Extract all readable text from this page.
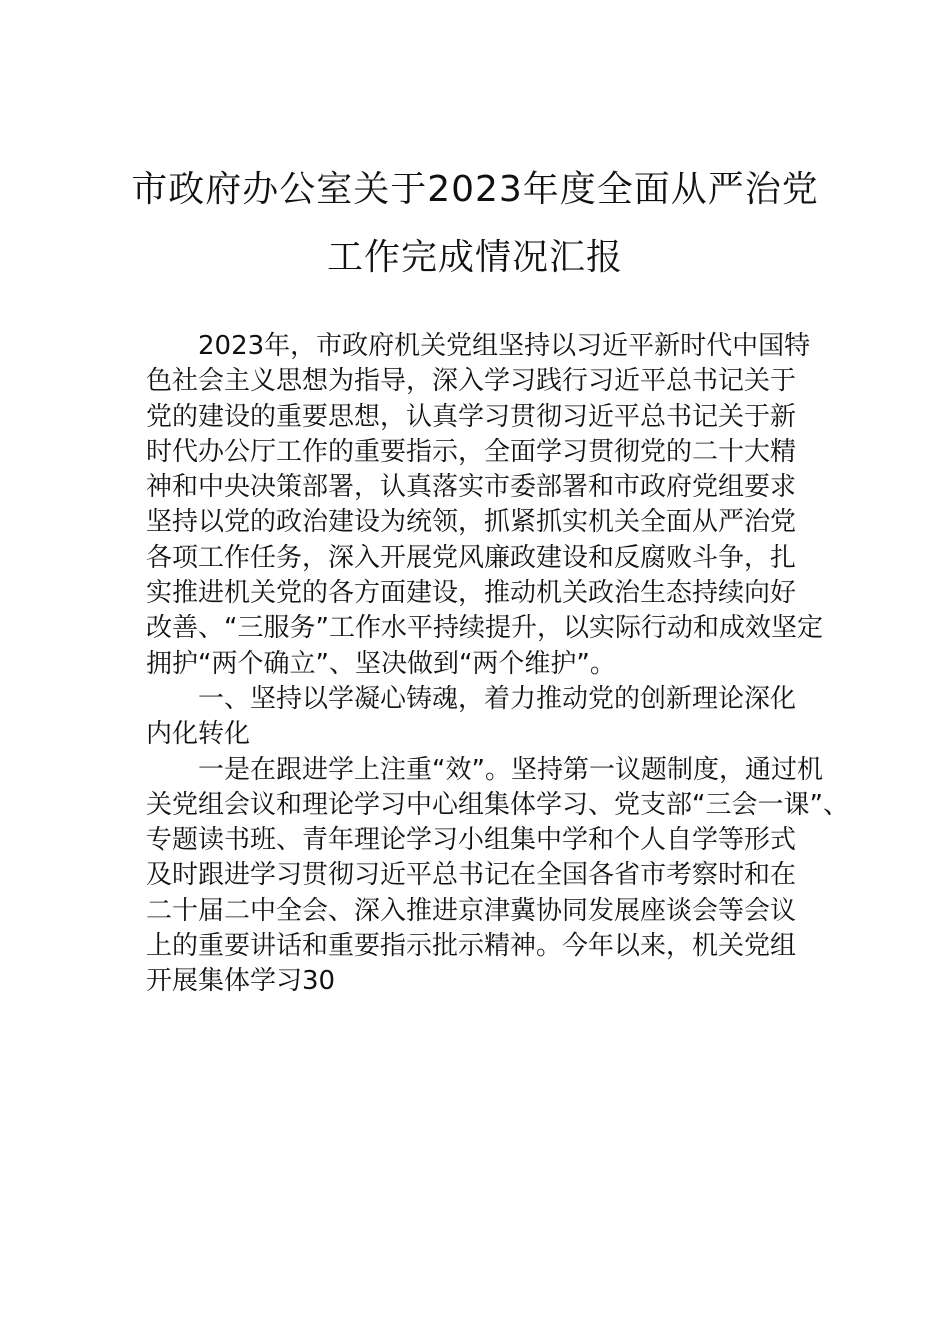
市政府办公室关于2023年度全面从严治党
工作完成情况汇报
2023年，市政府机关党组坚持以习近平新时代中国特
色社会主义思想为指导，深入学习践行习近平总书记关于
党的建设的重要思想，认真学习贯彻习近平总书记关于新
时代办公厅工作的重要指示，全面学习贯彻党的二十大精
神和中央决策部署，认真落实市委部署和市政府党组要求
坚持以党的政治建设为统领，抓紧抓实机关全面从严治党
各项工作任务，深入开展党风廉政建设和反腐败斗争，扎
实推进机关党的各方面建设，推动机关政治生态持续向好
改善、“三服务”工作水平持续提升，以实际行动和成效坚定
拥护“两个确立”、坚决做到“两个维护”。
一、坚持以学凝心铸魂，着力推动党的创新理论深化
内化转化
一是在跟进学上注重“效”。坚持第一议题制度，通过机
关党组会议和理论学习中心组集体学习、党支部“三会一课”、
专题读书班、青年理论学习小组集中学和个人自学等形式
及时跟进学习贯彻习近平总书记在全国各省市考察时和在
二十届二中全会、深入推进京津冀协同发展座谈会等会议
上的重要讲话和重要指示批示精神。今年以来，机关党组
开展集体学习30
